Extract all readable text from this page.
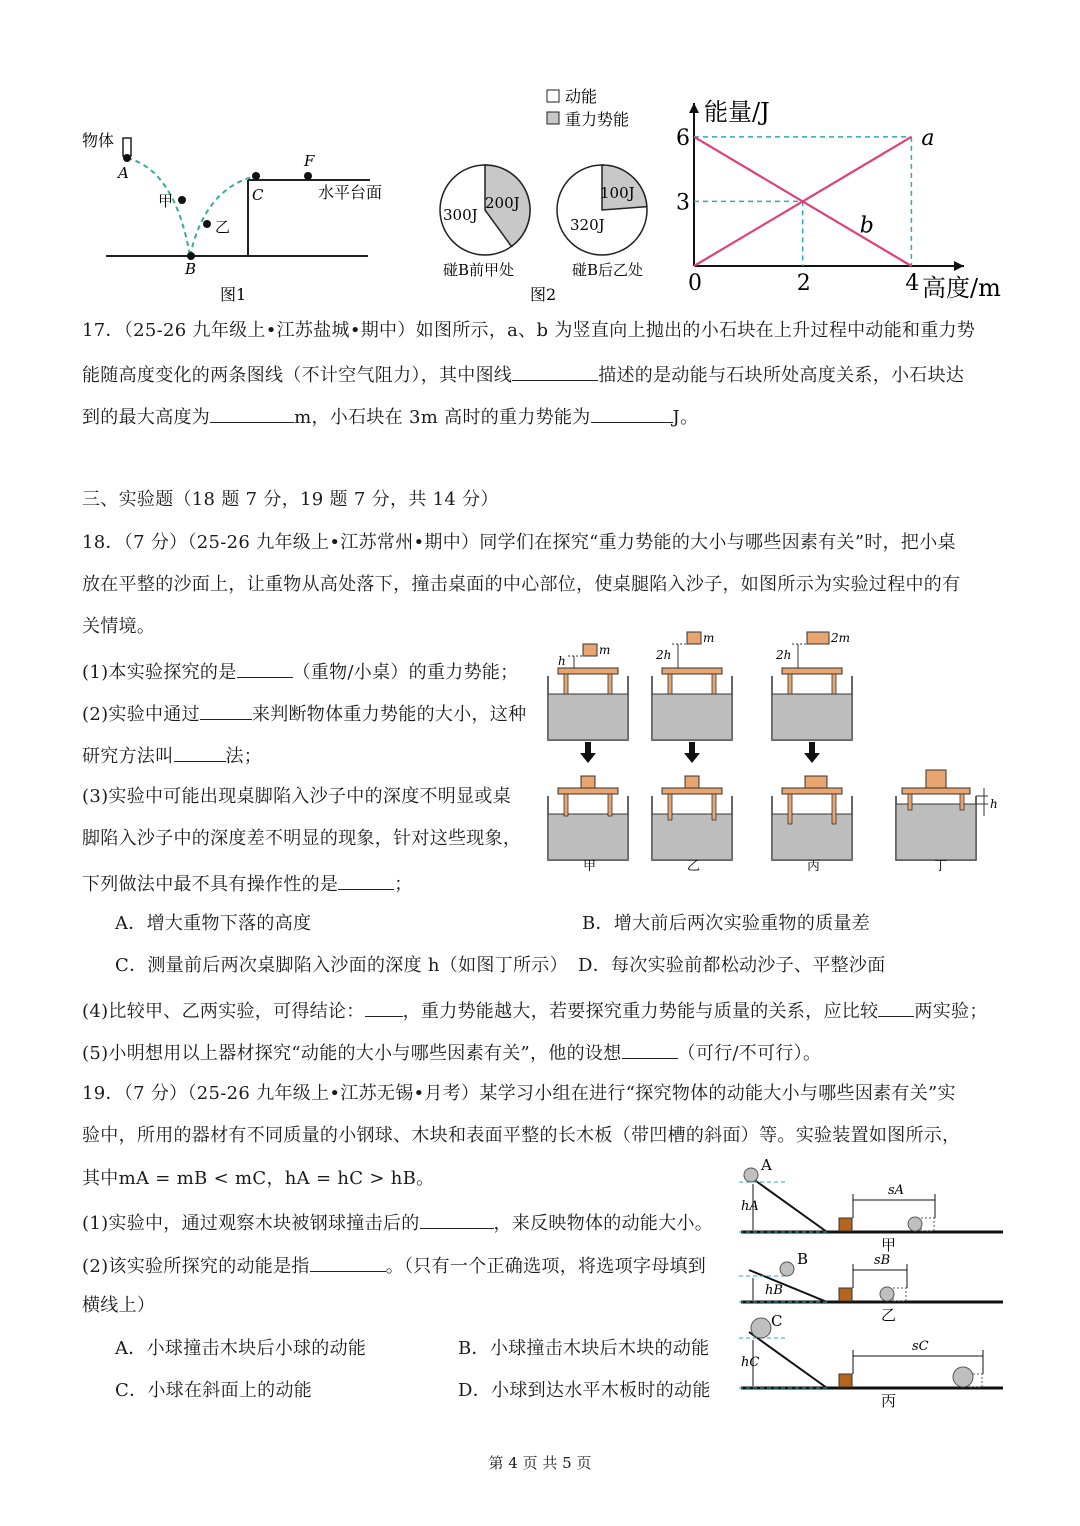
物体
A
甲
乙
B
C
F
水平台面
图1
动能
重力势能
300J
200J
320J
100J
碰B前甲处	碰B后乙处
图2
能量/J
高度/m
a
b
6
3
0	2	4
17．（25-26 九年级上•江苏盐城•期中）如图所示，a、b 为竖直向上抛出的小石块在上升过程中动能和重力势
能随高度变化的两条图线（不计空气阻力），其中图线	描述的是动能与石块所处高度关系，小石块达
到的最大高度为	m，小石块在 3m 高时的重力势能为	J。
三、实验题（18 题 7 分，19 题 7 分，共 14 分）
18．（7 分）（25-26 九年级上•江苏常州•期中）同学们在探究“重力势能的大小与哪些因素有关”时，把小桌
放在平整的沙面上，让重物从高处落下，撞击桌面的中心部位，使桌腿陷入沙子，如图所示为实验过程中的有
关情境。
(1)本实验探究的是	（重物/小桌）的重力势能；
(2)实验中通过	来判断物体重力势能的大小，这种
研究方法叫	法；
(3)实验中可能出现桌脚陷入沙子中的深度不明显或桌
脚陷入沙子中的深度差不明显的现象，针对这些现象，
下列做法中最不具有操作性的是	；
A．增大重物下落的高度	B．增大前后两次实验重物的质量差
C．测量前后两次桌脚陷入沙面的深度 h（如图丁所示） D．每次实验前都松动沙子、平整沙面
(4)比较甲、乙两实验，可得结论： ，重力势能越大，若要探究重力势能与质量的关系，应比较 两实验；
(5)小明想用以上器材探究“动能的大小与哪些因素有关”，他的设想	（可行/不可行）。
h
m
甲
2h
m
乙
2h
2m
丙
h
丁
19．（7 分）（25-26 九年级上•江苏无锡•月考）某学习小组在进行“探究物体的动能大小与哪些因素有关”实
验中，所用的器材有不同质量的小钢球、木块和表面平整的长木板（带凹槽的斜面）等。实验装置如图所示，
其中mA = mB < mC，hA = hC > hB。
(1)实验中，通过观察木块被钢球撞击后的	，来反映物体的动能大小。
(2)该实验所探究的动能是指	。（只有一个正确选项，将选项字母填到
横线上）
A．小球撞击木块后小球的动能	B．小球撞击木块后木块的动能
C．小球在斜面上的动能	D．小球到达水平木板时的动能
A
hA
sA
甲
B
hB
sB
乙
C
hC
sC
丙
第 4 页 共 5 页
